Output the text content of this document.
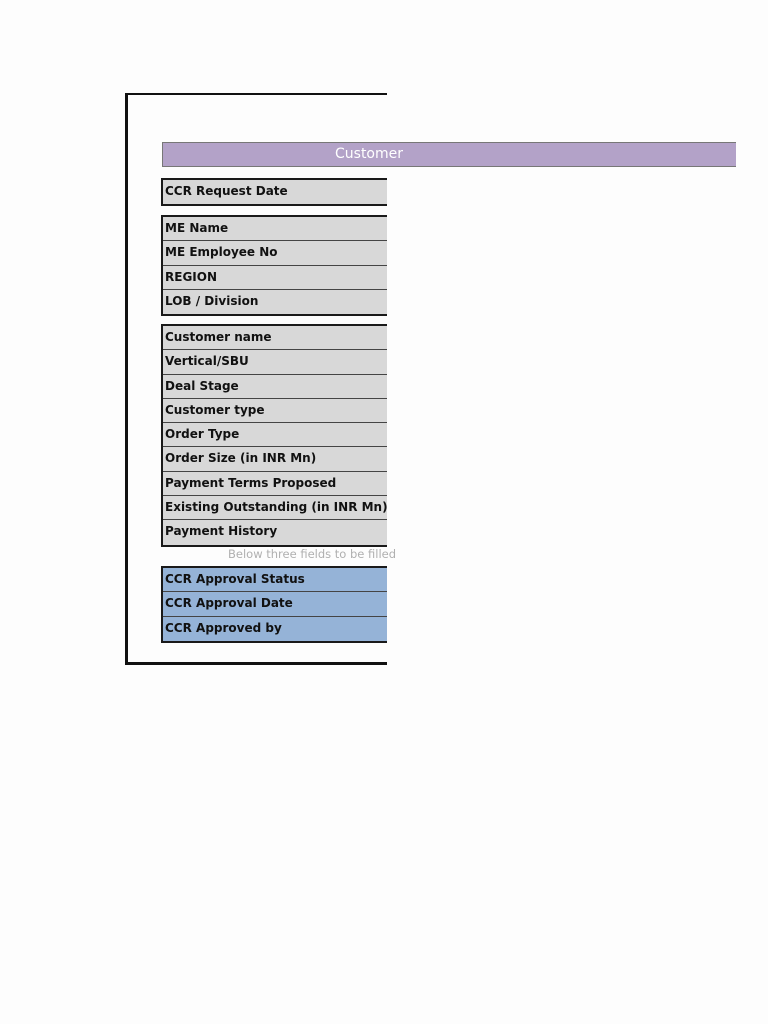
Customer
CCR Request Date
ME Name
ME Employee No
REGION
LOB / Division
Customer name
Vertical/SBU
Deal Stage
Customer type
Order Type
Order Size (in INR Mn)
Payment Terms Proposed
Existing Outstanding (in INR Mn)
Payment History
Below three fields to be filled
CCR Approval Status
CCR Approval Date
CCR Approved by
